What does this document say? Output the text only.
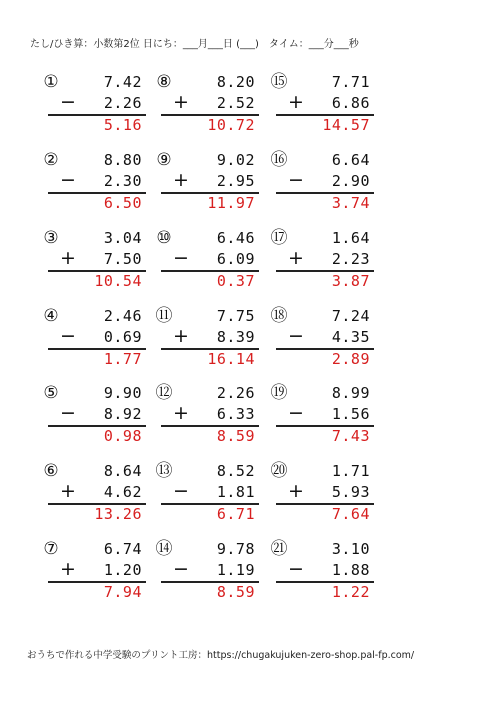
たし/ひき算：小数第2位 日にち：___月___日 (___)　タイム：___分___秒
①	7.42
− 2.26
5.16
②	8.80
− 2.30
6.50
③	3.04
+ 7.50
10.54
④	2.46
− 0.69
1.77
⑤	9.90
− 8.92
0.98
⑥	8.64
+ 4.62
13.26
⑦	6.74
+ 1.20
7.94
⑧	8.20
+ 2.52
10.72
⑨	9.02
+ 2.95
11.97
⑩	6.46
− 6.09
0.37
⑪	7.75
+ 8.39
16.14
⑫	2.26
+ 6.33
8.59
⑬	8.52
− 1.81
6.71
⑭	9.78
− 1.19
8.59
⑮	7.71
+ 6.86
14.57
⑯	6.64
− 2.90
3.74
⑰	1.64
+ 2.23
3.87
⑱	7.24
− 4.35
2.89
⑲	8.99
− 1.56
7.43
⑳	1.71
+ 5.93
7.64
㉑	3.10
− 1.88
1.22
おうちで作れる中学受験のプリント工房：https://chugakujuken-zero-shop.pal-fp.com/
